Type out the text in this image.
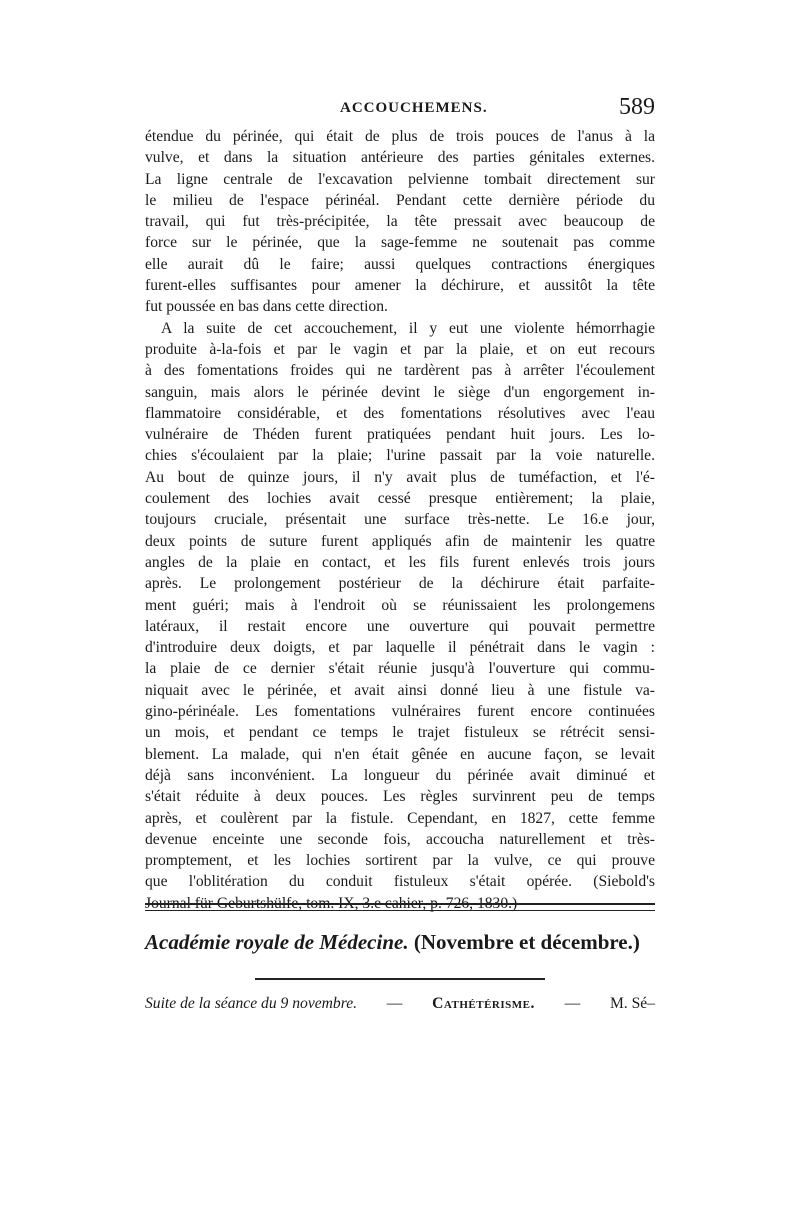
ACCOUCHEMENS.	589
étendue du périnée, qui était de plus de trois pouces de l'anus à la
vulve, et dans la situation antérieure des parties génitales externes.
La ligne centrale de l'excavation pelvienne tombait directement sur
le milieu de l'espace périnéal. Pendant cette dernière période du
travail, qui fut très-précipitée, la tête pressait avec beaucoup de
force sur le périnée, que la sage-femme ne soutenait pas comme
elle aurait dû le faire; aussi quelques contractions énergiques
furent-elles suffisantes pour amener la déchirure, et aussitôt la tête
fut poussée en bas dans cette direction.
A la suite de cet accouchement, il y eut une violente hémorrhagie
produite à-la-fois et par le vagin et par la plaie, et on eut recours
à des fomentations froides qui ne tardèrent pas à arrêter l'écoulement
sanguin, mais alors le périnée devint le siège d'un engorgement in-
flammatoire considérable, et des fomentations résolutives avec l'eau
vulnéraire de Théden furent pratiquées pendant huit jours. Les lo-
chies s'écoulaient par la plaie; l'urine passait par la voie naturelle.
Au bout de quinze jours, il n'y avait plus de tuméfaction, et l'é-
coulement des lochies avait cessé presque entièrement; la plaie,
toujours cruciale, présentait une surface très-nette. Le 16.e jour,
deux points de suture furent appliqués afin de maintenir les quatre
angles de la plaie en contact, et les fils furent enlevés trois jours
après. Le prolongement postérieur de la déchirure était parfaite-
ment guéri; mais à l'endroit où se réunissaient les prolongemens
latéraux, il restait encore une ouverture qui pouvait permettre
d'introduire deux doigts, et par laquelle il pénétrait dans le vagin :
la plaie de ce dernier s'était réunie jusqu'à l'ouverture qui commu-
niquait avec le périnée, et avait ainsi donné lieu à une fistule va-
gino-périnéale. Les fomentations vulnéraires furent encore continuées
un mois, et pendant ce temps le trajet fistuleux se rétrécit sensi-
blement. La malade, qui n'en était gênée en aucune façon, se levait
déjà sans inconvénient. La longueur du périnée avait diminué et
s'était réduite à deux pouces. Les règles survinrent peu de temps
après, et coulèrent par la fistule. Cependant, en 1827, cette femme
devenue enceinte une seconde fois, accoucha naturellement et très-
promptement, et les lochies sortirent par la vulve, ce qui prouve
que l'oblitération du conduit fistuleux s'était opérée. (Siebold's
Journal für Geburtshülfe, tom. IX, 3.e cahier, p. 726, 1830.)
Académie royale de Médecine. (Novembre et décembre.)
Suite de la séance du 9 novembre. — Cathétérisme. — M. Sé–
